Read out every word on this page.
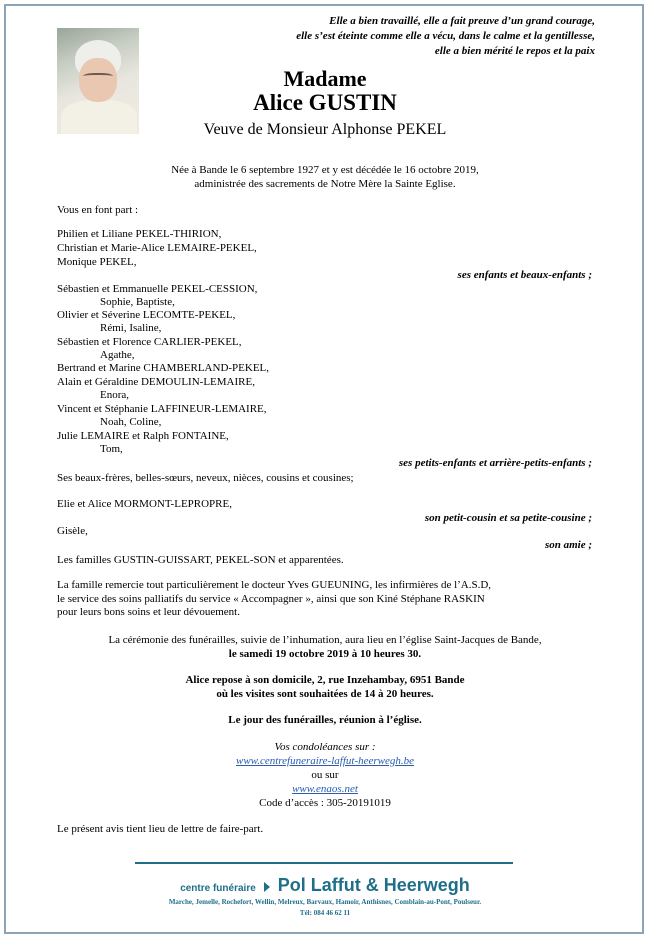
Elle a bien travaillé, elle a fait preuve d’un grand courage,
elle s’est éteinte comme elle a vécu, dans le calme et la gentillesse,
elle a bien mérité le repos et la paix
Madame
Alice GUSTIN
Veuve de Monsieur Alphonse PEKEL
Née à Bande le 6 septembre 1927 et y est décédée le 16 octobre 2019,
administrée des sacrements de Notre Mère la Sainte Eglise.
Vous en font part :
Philien et Liliane PEKEL-THIRION,
Christian et Marie-Alice LEMAIRE-PEKEL,
Monique PEKEL,
ses enfants et beaux-enfants ;
Sébastien et Emmanuelle PEKEL-CESSION,
Sophie, Baptiste,
Olivier et Séverine LECOMTE-PEKEL,
Rémi, Isaline,
Sébastien et Florence CARLIER-PEKEL,
Agathe,
Bertrand et Marine CHAMBERLAND-PEKEL,
Alain et Géraldine DEMOULIN-LEMAIRE,
Enora,
Vincent et Stéphanie LAFFINEUR-LEMAIRE,
Noah, Coline,
Julie LEMAIRE et Ralph FONTAINE,
Tom,
ses petits-enfants et arrière-petits-enfants ;
Ses beaux-frères, belles-sœurs, neveux, nièces, cousins et cousines;
Elie et Alice MORMONT-LEPROPRE,
son petit-cousin et sa petite-cousine ;
Gisèle,
son amie ;
Les familles GUSTIN-GUISSART, PEKEL-SON et apparentées.
La famille remercie tout particulièrement le docteur Yves GUEUNING, les infirmières de l’A.S.D,
le service des soins palliatifs du service « Accompagner », ainsi que son Kiné Stéphane RASKIN
pour leurs bons soins et leur dévouement.
La cérémonie des funérailles, suivie de l’inhumation, aura lieu en l’église Saint-Jacques de Bande,
le samedi 19 octobre 2019 à 10 heures 30.
Alice repose à son domicile, 2, rue Inzehambay, 6951 Bande
où les visites sont souhaitées de 14 à 20 heures.
Le jour des funérailles, réunion à l’église.
Vos condoléances sur :
www.centrefuneraire-laffut-heerwegh.be
ou sur
www.enaos.net
Code d’accès : 305-20191019
Le présent avis tient lieu de lettre de faire-part.
centre funéraire Pol Laffut & Heerwegh
Marche, Jemelle, Rochefort, Wellin, Melreux, Barvaux, Hamoir, Anthisnes, Comblain-au-Pont, Poulseur.
Tél: 084 46 62 11
